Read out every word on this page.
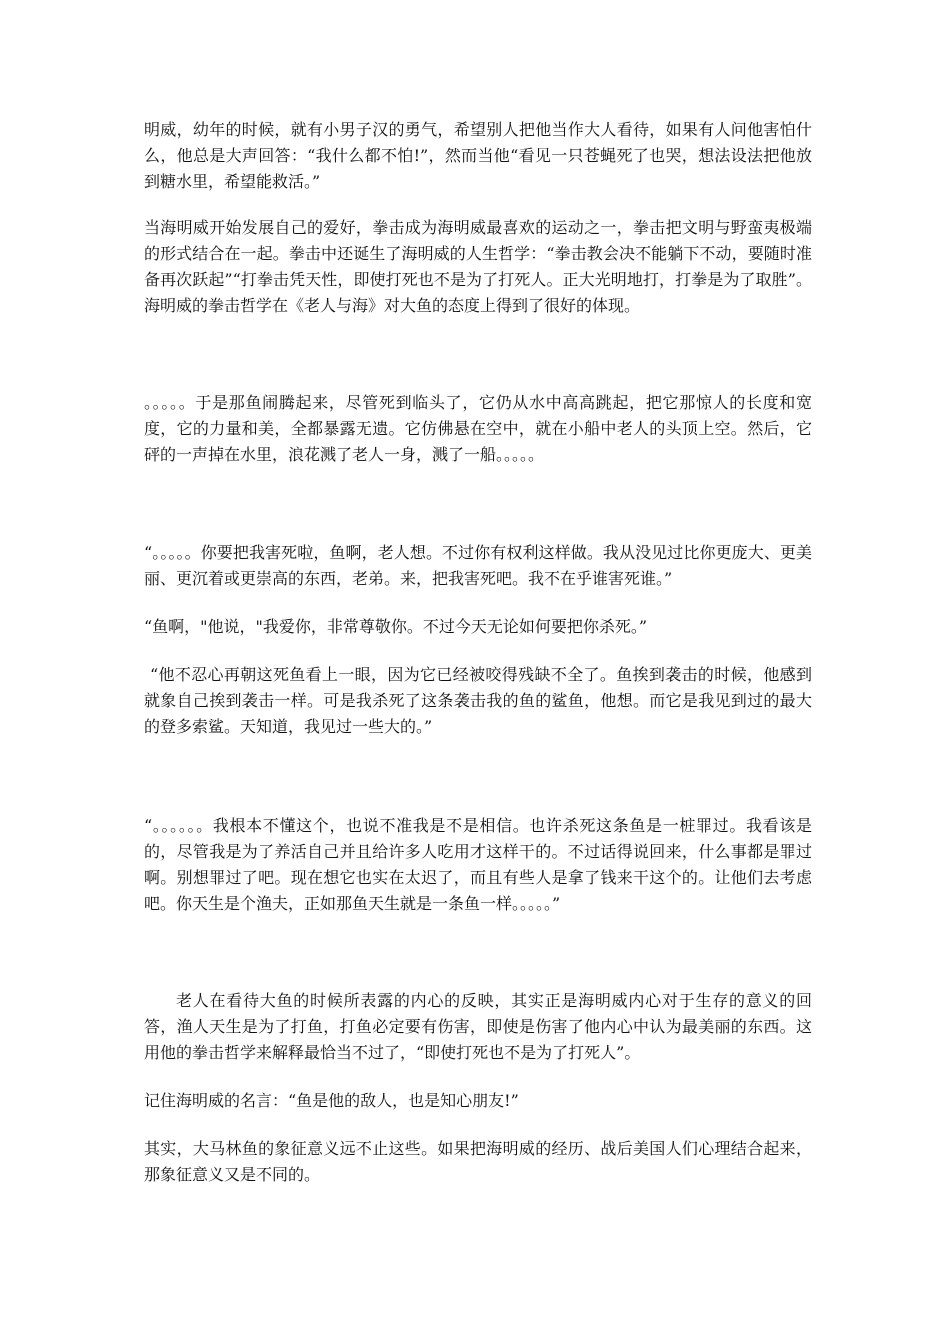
明威，幼年的时候，就有小男子汉的勇气，希望别人把他当作大人看待，如果有人问他害怕什么，他总是大声回答：“我什么都不怕!”，然而当他“看见一只苍蝇死了也哭，想法设法把他放到糖水里，希望能救活。”

当海明威开始发展自己的爱好，拳击成为海明威最喜欢的运动之一，拳击把文明与野蛮夷极端的形式结合在一起。拳击中还诞生了海明威的人生哲学：“拳击教会决不能躺下不动，要随时准备再次跃起”“打拳击凭天性，即使打死也不是为了打死人。正大光明地打，打拳是为了取胜”。海明威的拳击哲学在《老人与海》对大鱼的态度上得到了很好的体现。

。。。。。于是那鱼闹腾起来，尽管死到临头了，它仍从水中高高跳起，把它那惊人的长度和宽度，它的力量和美，全都暴露无遗。它仿佛悬在空中，就在小船中老人的头顶上空。然后，它砰的一声掉在水里，浪花溅了老人一身，溅了一船。。。。。

“。。。。。你要把我害死啦，鱼啊，老人想。不过你有权利这样做。我从没见过比你更庞大、更美丽、更沉着或更崇高的东西，老弟。来，把我害死吧。我不在乎谁害死谁。”

“鱼啊，"他说，"我爱你，非常尊敬你。不过今天无论如何要把你杀死。”

“他不忍心再朝这死鱼看上一眼，因为它已经被咬得残缺不全了。鱼挨到袭击的时候，他感到就象自己挨到袭击一样。可是我杀死了这条袭击我的鱼的鲨鱼，他想。而它是我见到过的最大的登多索鲨。天知道，我见过一些大的。”

“。。。。。。我根本不懂这个，也说不准我是不是相信。也许杀死这条鱼是一桩罪过。我看该是的，尽管我是为了养活自己并且给许多人吃用才这样干的。不过话得说回来，什么事都是罪过啊。别想罪过了吧。现在想它也实在太迟了，而且有些人是拿了钱来干这个的。让他们去考虑吧。你天生是个渔夫，正如那鱼天生就是一条鱼一样。。。。。”

老人在看待大鱼的时候所表露的内心的反映，其实正是海明威内心对于生存的意义的回答，渔人天生是为了打鱼，打鱼必定要有伤害，即使是伤害了他内心中认为最美丽的东西。这用他的拳击哲学来解释最恰当不过了，“即使打死也不是为了打死人”。

记住海明威的名言：“鱼是他的敌人，也是知心朋友!”

其实，大马林鱼的象征意义远不止这些。如果把海明威的经历、战后美国人们心理结合起来，那象征意义又是不同的。
